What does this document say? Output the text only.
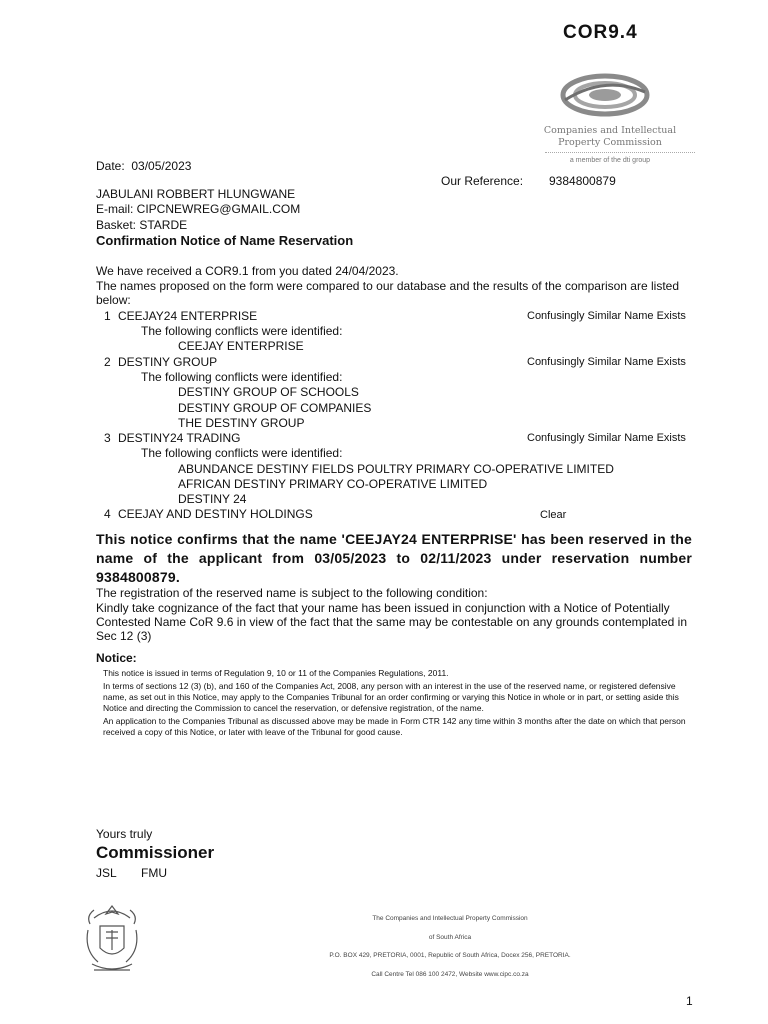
COR9.4
Companies and Intellectual
Property Commission
a member of the dti group
Date: 03/05/2023
Our Reference: 9384800879
JABULANI ROBBERT HLUNGWANE
E-mail: CIPCNEWREG@GMAIL.COM
Basket: STARDE
Confirmation Notice of Name Reservation
We have received a COR9.1 from you dated 24/04/2023.
The names proposed on the form were compared to our database and the results of the comparison are listed below:
1 CEEJAY24 ENTERPRISE	Confusingly Similar Name Exists
The following conflicts were identified:
CEEJAY ENTERPRISE
2 DESTINY GROUP	Confusingly Similar Name Exists
The following conflicts were identified:
DESTINY GROUP OF SCHOOLS
DESTINY GROUP OF COMPANIES
THE DESTINY GROUP
3 DESTINY24 TRADING	Confusingly Similar Name Exists
The following conflicts were identified:
ABUNDANCE DESTINY FIELDS POULTRY PRIMARY CO-OPERATIVE LIMITED
AFRICAN DESTINY PRIMARY CO-OPERATIVE LIMITED
DESTINY 24
4 CEEJAY AND DESTINY HOLDINGS	Clear
This notice confirms that the name 'CEEJAY24 ENTERPRISE' has been reserved in the name of the applicant from 03/05/2023 to 02/11/2023 under reservation number 9384800879.
The registration of the reserved name is subject to the following condition:
Kindly take cognizance of the fact that your name has been issued in conjunction with a Notice of Potentially Contested Name CoR 9.6 in view of the fact that the same may be contestable on any grounds contemplated in Sec 12 (3)
Notice:

This notice is issued in terms of Regulation 9, 10 or 11 of the Companies Regulations, 2011.

In terms of sections 12 (3) (b), and 160 of the Companies Act, 2008, any person with an interest in the use of the reserved name, or registered defensive name, as set out in this Notice, may apply to the Companies Tribunal for an order confirming or varying this Notice in whole or in part, or setting aside this Notice and directing the Commission to cancel the reservation, or defensive registration, of the name.

An application to the Companies Tribunal as discussed above may be made in Form CTR 142 any time within 3 months after the date on which that person received a copy of this Notice, or later with leave of the Tribunal for good cause.

Yours truly
Commissioner
JSL FMU
The Companies and Intellectual Property Commission
of South Africa
P.O. BOX 429, PRETORIA, 0001, Republic of South Africa, Docex 256, PRETORIA.
Call Centre Tel 086 100 2472, Website www.cipc.co.za
1
